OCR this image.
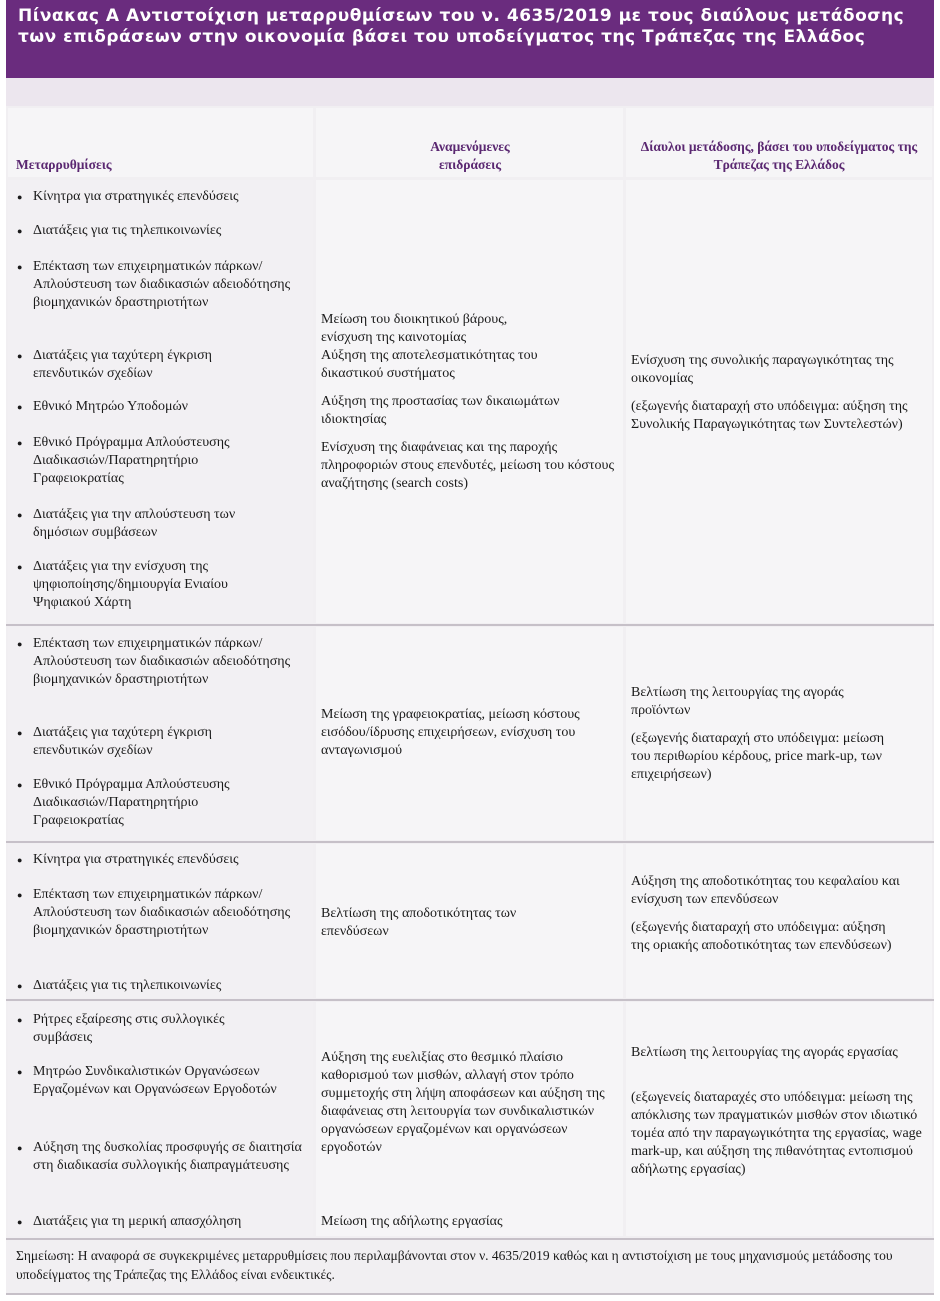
Πίνακας Α Αντιστοίχιση μεταρρυθμίσεων του ν. 4635/2019 με τους διαύλους μετάδοσης των επιδράσεων στην οικονομία βάσει του υποδείγματος της Τράπεζας της Ελλάδος

Μεταρρυθμίσεις

Αναμενόμενες επιδράσεις

Δίαυλοι μετάδοσης, βάσει του υποδείγματος της Τράπεζας της Ελλάδος

● Κίνητρα για στρατηγικές επενδύσεις
● Διατάξεις για τις τηλεπικοινωνίες
● Επέκταση των επιχειρηματικών πάρκων/Απλούστευση των διαδικασιών αδειοδότησης βιομηχανικών δραστηριοτήτων
● Διατάξεις για ταχύτερη έγκριση επενδυτικών σχεδίων
● Εθνικό Μητρώο Υποδομών
● Εθνικό Πρόγραμμα Απλούστευσης Διαδικασιών/Παρατηρητήριο Γραφειοκρατίας
● Διατάξεις για την απλούστευση των δημόσιων συμβάσεων
● Διατάξεις για την ενίσχυση της ψηφιοποίησης/δημιουργία Ενιαίου Ψηφιακού Χάρτη

Μείωση του διοικητικού βάρους, ενίσχυση της καινοτομίας

Αύξηση της αποτελεσματικότητας του δικαστικού συστήματος

Αύξηση της προστασίας των δικαιωμάτων ιδιοκτησίας

Ενίσχυση της διαφάνειας και της παροχής πληροφοριών στους επενδυτές, μείωση του κόστους αναζήτησης (search costs)

Ενίσχυση της συνολικής παραγωγικότητας της οικονομίας

(εξωγενής διαταραχή στο υπόδειγμα: αύξηση της Συνολικής Παραγωγικότητας των Συντελεστών)

● Επέκταση των επιχειρηματικών πάρκων/Απλούστευση των διαδικασιών αδειοδότησης βιομηχανικών δραστηριοτήτων
● Διατάξεις για ταχύτερη έγκριση επενδυτικών σχεδίων
● Εθνικό Πρόγραμμα Απλούστευσης Διαδικασιών/Παρατηρητήριο Γραφειοκρατίας

Μείωση της γραφειοκρατίας, μείωση κόστους εισόδου/ίδρυσης επιχειρήσεων, ενίσχυση του ανταγωνισμού

Βελτίωση της λειτουργίας της αγοράς προϊόντων

(εξωγενής διαταραχή στο υπόδειγμα: μείωση του περιθωρίου κέρδους, price mark-up, των επιχειρήσεων)

● Κίνητρα για στρατηγικές επενδύσεις
● Επέκταση των επιχειρηματικών πάρκων/Απλούστευση των διαδικασιών αδειοδότησης βιομηχανικών δραστηριοτήτων
● Διατάξεις για τις τηλεπικοινωνίες

Βελτίωση της αποδοτικότητας των επενδύσεων

Αύξηση της αποδοτικότητας του κεφαλαίου και ενίσχυση των επενδύσεων

(εξωγενής διαταραχή στο υπόδειγμα: αύξηση της οριακής αποδοτικότητας των επενδύσεων)

● Ρήτρες εξαίρεσης στις συλλογικές συμβάσεις
● Μητρώο Συνδικαλιστικών Οργανώσεων Εργαζομένων και Οργανώσεων Εργοδοτών
● Αύξηση της δυσκολίας προσφυγής σε διαιτησία στη διαδικασία συλλογικής διαπραγμάτευσης
● Διατάξεις για τη μερική απασχόληση

Αύξηση της ευελιξίας στο θεσμικό πλαίσιο καθορισμού των μισθών, αλλαγή στον τρόπο συμμετοχής στη λήψη αποφάσεων και αύξηση της διαφάνειας στη λειτουργία των συνδικαλιστικών οργανώσεων εργαζομένων και οργανώσεων εργοδοτών

Μείωση της αδήλωτης εργασίας

Βελτίωση της λειτουργίας της αγοράς εργασίας

(εξωγενείς διαταραχές στο υπόδειγμα: μείωση της απόκλισης των πραγματικών μισθών στον ιδιωτικό τομέα από την παραγωγικότητα της εργασίας, wage mark-up, και αύξηση της πιθανότητας εντοπισμού αδήλωτης εργασίας)

Σημείωση: Η αναφορά σε συγκεκριμένες μεταρρυθμίσεις που περιλαμβάνονται στον ν. 4635/2019 καθώς και η αντιστοίχιση με τους μηχανισμούς μετάδοσης του υποδείγματος της Τράπεζας της Ελλάδος είναι ενδεικτικές.
